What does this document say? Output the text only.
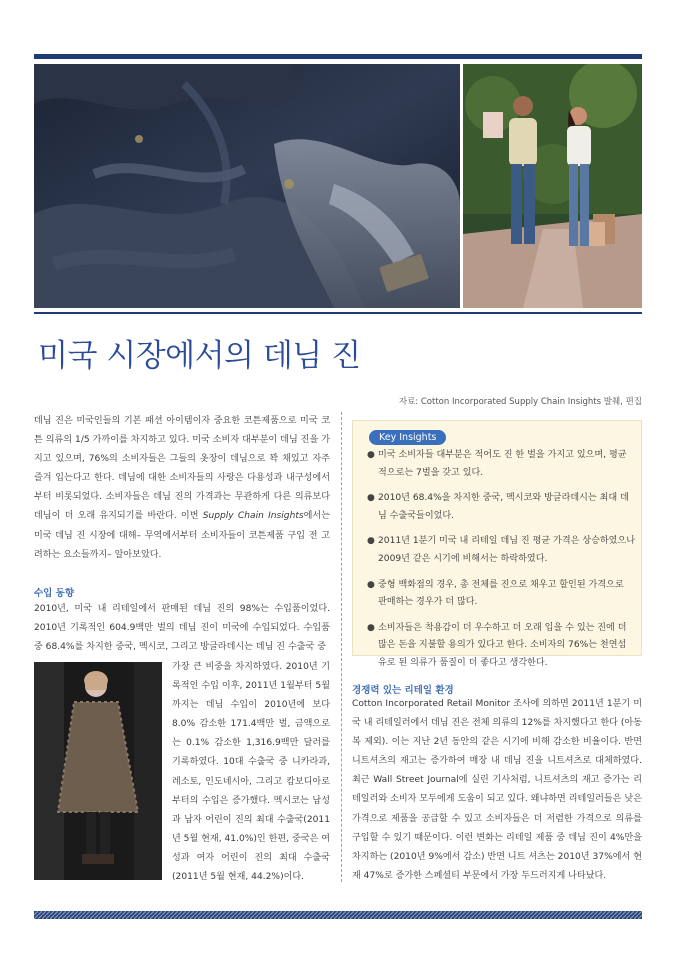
미국 시장에서의 데님 진
자료: Cotton Incorporated Supply Chain Insights 발췌, 편집

데님 진은 미국인들의 기본 패션 아이템이자 중요한 코튼제품으로 미국 코튼 의류의 1/5 가까이를 차지하고 있다. 미국 소비자 대부분이 데님 진을 가지고 있으며, 76%의 소비자들은 그들의 옷장이 데님으로 꽉 채있고 자주 즐겨 입는다고 한다. 데님에 대한 소비자들의 사랑은 다용성과 내구성에서부터 비롯되었다. 소비자들은 데님 진의 가격과는 무관하게 다른 의류보다 데님이 더 오래 유지되기를 바란다. 이번 Supply Chain Insights에서는 미국 데님 진 시장에 대해– 무역에서부터 소비자들이 코튼제품 구입 전 고려하는 요소들까지– 알아보았다.

수입 동향

2010년, 미국 내 리테일에서 판매된 데님 진의 98%는 수입품이었다. 2010년 기록적인 604.9백만 벌의 데님 진이 미국에 수입되었다. 수입품 중 68.4%를 차지한 중국, 멕시코, 그리고 방글라데시는 데님 진 수출국 중

가장 큰 비중을 차지하였다. 2010년 기록적인 수입 이후, 2011년 1월부터 5월까지는 데님 수입이 2010년에 보다 8.0% 감소한 171.4백만 벌, 금액으로는 0.1% 감소한 1,316.9백만 달러를 기록하였다. 10대 수출국 중 니카라과, 레소토, 인도네시아, 그리고 캄보디아로부터의 수입은 증가했다. 멕시코는 남성과 남자 어린이 진의 최대 수출국(2011년 5월 현재, 41.0%)인 한편, 중국은 여성과 여자 어린이 진의 최대 수출국(2011년 5월 현재, 44.2%)이다.

Key Insights
● 미국 소비자들 대부분은 적어도 진 한 벌을 가지고 있으며, 평균적으로는 7벌을 갖고 있다.
● 2010년 68.4%을 차지한 중국, 멕시코와 방글라데시는 최대 데님 수출국들이었다.
● 2011년 1분기 미국 내 리테일 데님 진 평균 가격은 상승하였으나 2009년 같은 시기에 비해서는 하락하였다.
● 중형 백화점의 경우, 총 전체를 진으로 채우고 할인된 가격으로 판매하는 경우가 더 많다.
● 소비자들은 착용감이 더 우수하고 더 오래 입을 수 있는 진에 더 많은 돈을 지불할 용의가 있다고 한다. 소비자의 76%는 천연섬유로 된 의류가 품질이 더 좋다고 생각한다.
경쟁력 있는 리테일 환경

Cotton Incorporated Retail Monitor 조사에 의하면 2011년 1분기 미국 내 리테일러에서 데님 진은 전체 의류의 12%를 차지했다고 한다 (아동복 제외). 이는 지난 2년 동안의 같은 시기에 비해 감소한 비율이다. 반면 니트셔츠의 재고는 증가하여 매장 내 데님 진을 니트셔츠로 대체하였다. 최근 Wall Street Journal에 실린 기사처럼, 니트셔츠의 재고 증가는 리테일러와 소비자 모두에게 도움이 되고 있다. 왜냐하면 리테일러들은 낮은 가격으로 제품을 공급할 수 있고 소비자들은 더 저렴한 가격으로 의류를 구입할 수 있기 때문이다. 이런 변화는 리테일 제품 중 데님 진이 4%만을 차지하는 (2010년 9%에서 감소) 반면 니트 셔츠는 2010년 37%에서 현재 47%로 증가한 스페셜티 부문에서 가장 두드러지게 나타났다.
